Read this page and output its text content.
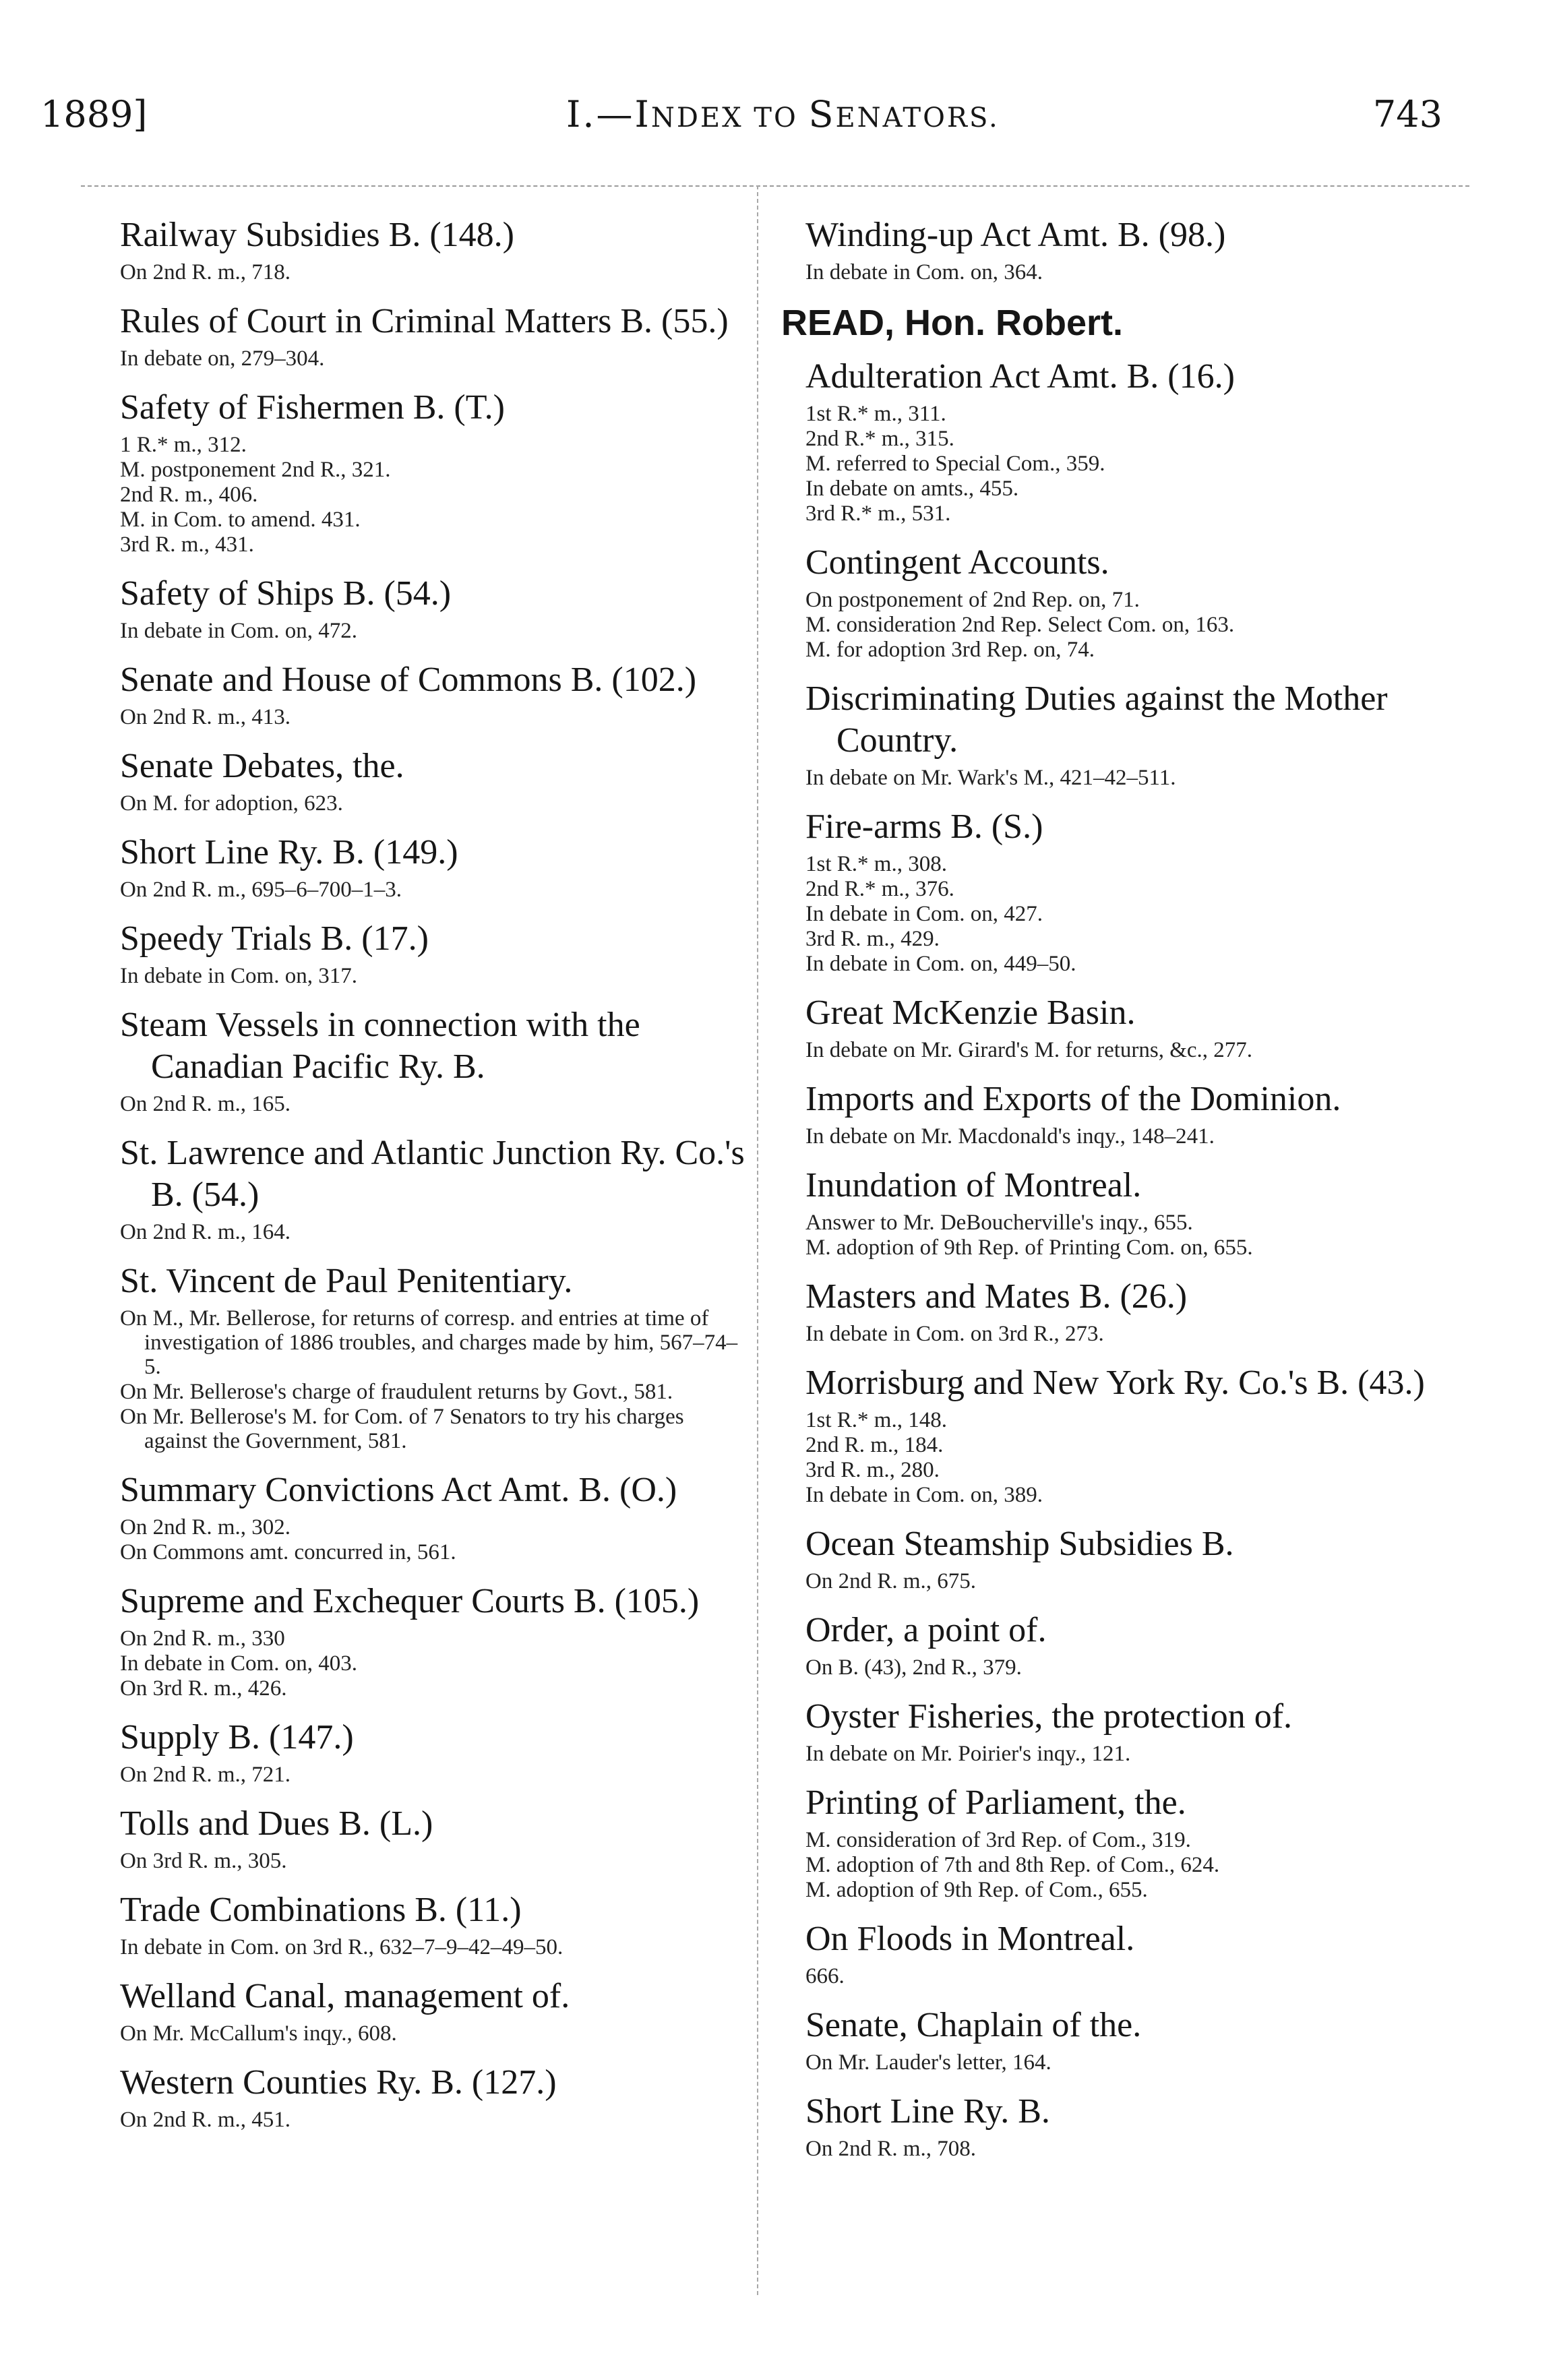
1889]	I.—INDEX TO SENATORS.	743
Railway Subsidies B. (148.)
On 2nd R. m., 718.
Rules of Court in Criminal Matters B. (55.)
In debate on, 279–304.
Safety of Fishermen B. (T.)
1 R.* m., 312.
M. postponement 2nd R., 321.
2nd R. m., 406.
M. in Com. to amend. 431.
3rd R. m., 431.
Safety of Ships B. (54.)
In debate in Com. on, 472.
Senate and House of Commons B. (102.)
On 2nd R. m., 413.
Senate Debates, the.
On M. for adoption, 623.
Short Line Ry. B. (149.)
On 2nd R. m., 695–6–700–1–3.
Speedy Trials B. (17.)
In debate in Com. on, 317.
Steam Vessels in connection with the Canadian Pacific Ry. B.
On 2nd R. m., 165.
St. Lawrence and Atlantic Junction Ry. Co.'s B. (54.)
On 2nd R. m., 164.
St. Vincent de Paul Penitentiary.
On M., Mr. Bellerose, for returns of corresp. and entries at time of investigation of 1886 troubles, and charges made by him, 567–74–5.
On Mr. Bellerose's charge of fraudulent returns by Govt., 581.
On Mr. Bellerose's M. for Com. of 7 Senators to try his charges against the Government, 581.
Summary Convictions Act Amt. B. (O.)
On 2nd R. m., 302.
On Commons amt. concurred in, 561.
Supreme and Exchequer Courts B. (105.)
On 2nd R. m., 330
In debate in Com. on, 403.
On 3rd R. m., 426.
Supply B. (147.)
On 2nd R. m., 721.
Tolls and Dues B. (L.)
On 3rd R. m., 305.
Trade Combinations B. (11.)
In debate in Com. on 3rd R., 632–7–9–42–49–50.
Welland Canal, management of.
On Mr. McCallum's inqy., 608.
Western Counties Ry. B. (127.)
On 2nd R. m., 451.
Winding-up Act Amt. B. (98.)
In debate in Com. on, 364.
READ, Hon. Robert.
Adulteration Act Amt. B. (16.)
1st R.* m., 311.
2nd R.* m., 315.
M. referred to Special Com., 359.
In debate on amts., 455.
3rd R.* m., 531.
Contingent Accounts.
On postponement of 2nd Rep. on, 71.
M. consideration 2nd Rep. Select Com. on, 163.
M. for adoption 3rd Rep. on, 74.
Discriminating Duties against the Mother Country.
In debate on Mr. Wark's M., 421–42–511.
Fire-arms B. (S.)
1st R.* m., 308.
2nd R.* m., 376.
In debate in Com. on, 427.
3rd R. m., 429.
In debate in Com. on, 449–50.
Great McKenzie Basin.
In debate on Mr. Girard's M. for returns, &c., 277.
Imports and Exports of the Dominion.
In debate on Mr. Macdonald's inqy., 148–241.
Inundation of Montreal.
Answer to Mr. DeBoucherville's inqy., 655.
M. adoption of 9th Rep. of Printing Com. on, 655.
Masters and Mates B. (26.)
In debate in Com. on 3rd R., 273.
Morrisburg and New York Ry. Co.'s B. (43.)
1st R.* m., 148.
2nd R. m., 184.
3rd R. m., 280.
In debate in Com. on, 389.
Ocean Steamship Subsidies B.
On 2nd R. m., 675.
Order, a point of.
On B. (43), 2nd R., 379.
Oyster Fisheries, the protection of.
In debate on Mr. Poirier's inqy., 121.
Printing of Parliament, the.
M. consideration of 3rd Rep. of Com., 319.
M. adoption of 7th and 8th Rep. of Com., 624.
M. adoption of 9th Rep. of Com., 655.
On Floods in Montreal.
666.
Senate, Chaplain of the.
On Mr. Lauder's letter, 164.
Short Line Ry. B.
On 2nd R. m., 708.
